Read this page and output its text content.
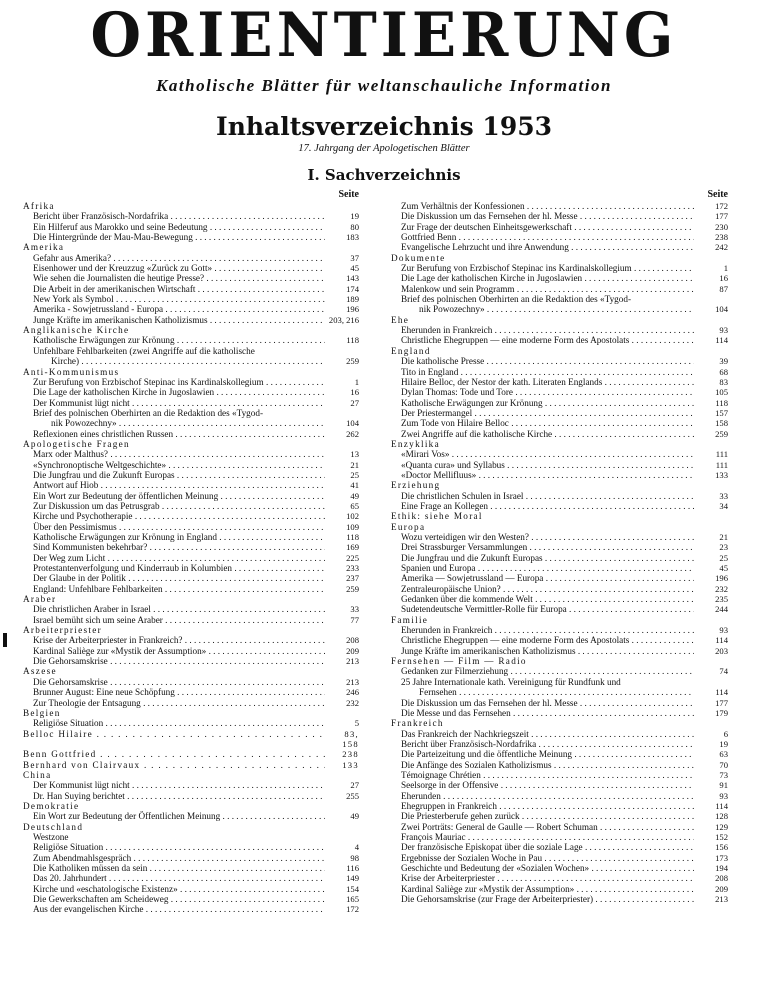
ORIENTIERUNG
Katholische Blätter für weltanschauliche Information
Inhaltsverzeichnis 1953
17. Jahrgang der Apologetischen Blätter
I. Sachverzeichnis
Seite
Afrika
Bericht über Französisch-Nordafrika . . .	19
Ein Hilferuf aus Marokko und seine Bedeutung . . .	80
Die Hintergründe der Mau-Mau-Bewegung . . .	183
Amerika
Gefahr aus Amerika? . . .	37
Eisenhower und der Kreuzzug «Zurück zu Gott» . . .	45
Wie sehen die Journalisten die heutige Presse? . . .	143
Die Arbeit in der amerikanischen Wirtschaft . . .	174
New York als Symbol . . .	189
Amerika - Sowjetrussland - Europa . . .	196
Junge Kräfte im amerikanischen Katholizismus . . .	203, 216
Anglikanische Kirche
Katholische Erwägungen zur Krönung . . .	118
Unfehlbare Fehlbarkeiten (zwei Angriffe auf die katholische
Kirche) . . .	259
Anti-Kommunismus
Zur Berufung von Erzbischof Stepinac ins Kardinalskollegium . . .	1
Die Lage der katholischen Kirche in Jugoslawien . . .	16
Der Kommunist lügt nicht . . .	27
Brief des polnischen Oberhirten an die Redaktion des «Tygod-
nik Powozechny» . . .	104
Reflexionen eines christlichen Russen . . .	262
Apologetische Fragen
Marx oder Malthus? . . .	13
«Synchronoptische Weltgeschichte» . . .	21
Die Jungfrau und die Zukunft Europas . . .	25
Antwort auf Hiob . . .	41
Ein Wort zur Bedeutung der öffentlichen Meinung . . .	49
Zur Diskussion um das Petrusgrab . . .	65
Kirche und Psychotherapie . . .	102
Über den Pessimismus . . .	109
Katholische Erwägungen zur Krönung in England . . .	118
Sind Kommunisten bekehrbar? . . .	169
Der Weg zum Licht . . .	225
Protestantenverfolgung und Kinderraub in Kolumbien . . .	233
Der Glaube in der Politik . . .	237
England: Unfehlbare Fehlbarkeiten . . .	259
Araber
Die christlichen Araber in Israel . . .	33
Israel bemüht sich um seine Araber . . .	77
Arbeiterpriester
Krise der Arbeiterpriester in Frankreich? . . .	208
Kardinal Saliège zur «Mystik der Assumption» . . .	209
Die Gehorsamskrise . . .	213
Aszese
Die Gehorsamskrise . . .	213
Brunner August: Eine neue Schöpfung . . .	246
Zur Theologie der Entsagung . . .	232
Belgien
Religiöse Situation . . .	5
Belloc Hilaire . . .	83, 158
Benn Gottfried . . .	238
Bernhard von Clairvaux . . .	133
China
Der Kommunist lügt nicht . . .	27
Dr. Han Suying berichtet . . .	255
Demokratie
Ein Wort zur Bedeutung der Öffentlichen Meinung . . .	49
Deutschland
Westzone
Religiöse Situation . . .	4
Zum Abendmahlsgespräch . . .	98
Die Katholiken müssen da sein . . .	116
Das 20. Jahrhundert . . .	149
Kirche und «eschatologische Existenz» . . .	154
Die Gewerkschaften am Scheideweg . . .	165
Aus der evangelischen Kirche . . .	172
Seite
Zum Verhältnis der Konfessionen . . .	172
Die Diskussion um das Fernsehen der hl. Messe . . .	177
Zur Frage der deutschen Einheitsgewerkschaft . . .	230
Gottfried Benn . . .	238
Evangelische Lehrzucht und ihre Anwendung . . .	242
Dokumente
Zur Berufung von Erzbischof Stepinac ins Kardinalskollegium . . .	1
Die Lage der katholischen Kirche in Jugoslawien . . .	16
Malenkow und sein Programm . . .	87
Brief des polnischen Oberhirten an die Redaktion des «Tygod-
nik Powozechny» . . .	104
Ehe
Eherunden in Frankreich . . .	93
Christliche Ehegruppen — eine moderne Form des Apostolats . . .	114
England
Die katholische Presse . . .	39
Tito in England . . .	68
Hilaire Belloc, der Nestor der kath. Literaten Englands . . .	83
Dylan Thomas: Tode und Tore . . .	105
Katholische Erwägungen zur Krönung . . .	118
Der Priestermangel . . .	157
Zum Tode von Hilaire Belloc . . .	158
Zwei Angriffe auf die katholische Kirche . . .	259
Enzyklika
«Mirari Vos» . . .	111
«Quanta cura» und Syllabus . . .	111
«Doctor Mellifluus» . . .	133
Erziehung
Die christlichen Schulen in Israel . . .	33
Eine Frage an Kollegen . . .	34
Ethik: siehe Moral
Europa
Wozu verteidigen wir den Westen? . . .	21
Drei Strassburger Versammlungen . . .	23
Die Jungfrau und die Zukunft Europas . . .	25
Spanien und Europa . . .	45
Amerika — Sowjetrussland — Europa . . .	196
Zentraleuropäische Union? . . .	232
Gedanken über die kommende Welt . . .	235
Sudetendeutsche Vermittler-Rolle für Europa . . .	244
Familie
Eherunden in Frankreich . . .	93
Christliche Ehegruppen — eine moderne Form des Apostolats . . .	114
Junge Kräfte im amerikanischen Katholizismus . . .	203
Fernsehen — Film — Radio
Gedanken zur Filmerziehung . . .	74
25 Jahre Internationale kath. Vereinigung für Rundfunk und
Fernsehen . . .	114
Die Diskussion um das Fernsehen der hl. Messe . . .	177
Die Messe und das Fernsehen . . .	179
Frankreich
Das Frankreich der Nachkriegszeit . . .	6
Bericht über Französisch-Nordafrika . . .	19
Die Parteizeitung und die öffentliche Meinung . . .	63
Die Anfänge des Sozialen Katholizismus . . .	70
Témoignage Chrétien . . .	73
Seelsorge in der Offensive . . .	91
Eherunden . . .	93
Ehegruppen in Frankreich . . .	114
Die Priesterberufe gehen zurück . . .	128
Zwei Porträts: General de Gaulle — Robert Schuman . . .	129
François Mauriac . . .	152
Der französische Episkopat über die soziale Lage . . .	156
Ergebnisse der Sozialen Woche in Pau . . .	173
Geschichte und Bedeutung der «Sozialen Wochen» . . .	194
Krise der Arbeiterpriester . . .	208
Kardinal Saliège zur «Mystik der Assumption» . . .	209
Die Gehorsamskrise (zur Frage der Arbeiterpriester) . . .	213
